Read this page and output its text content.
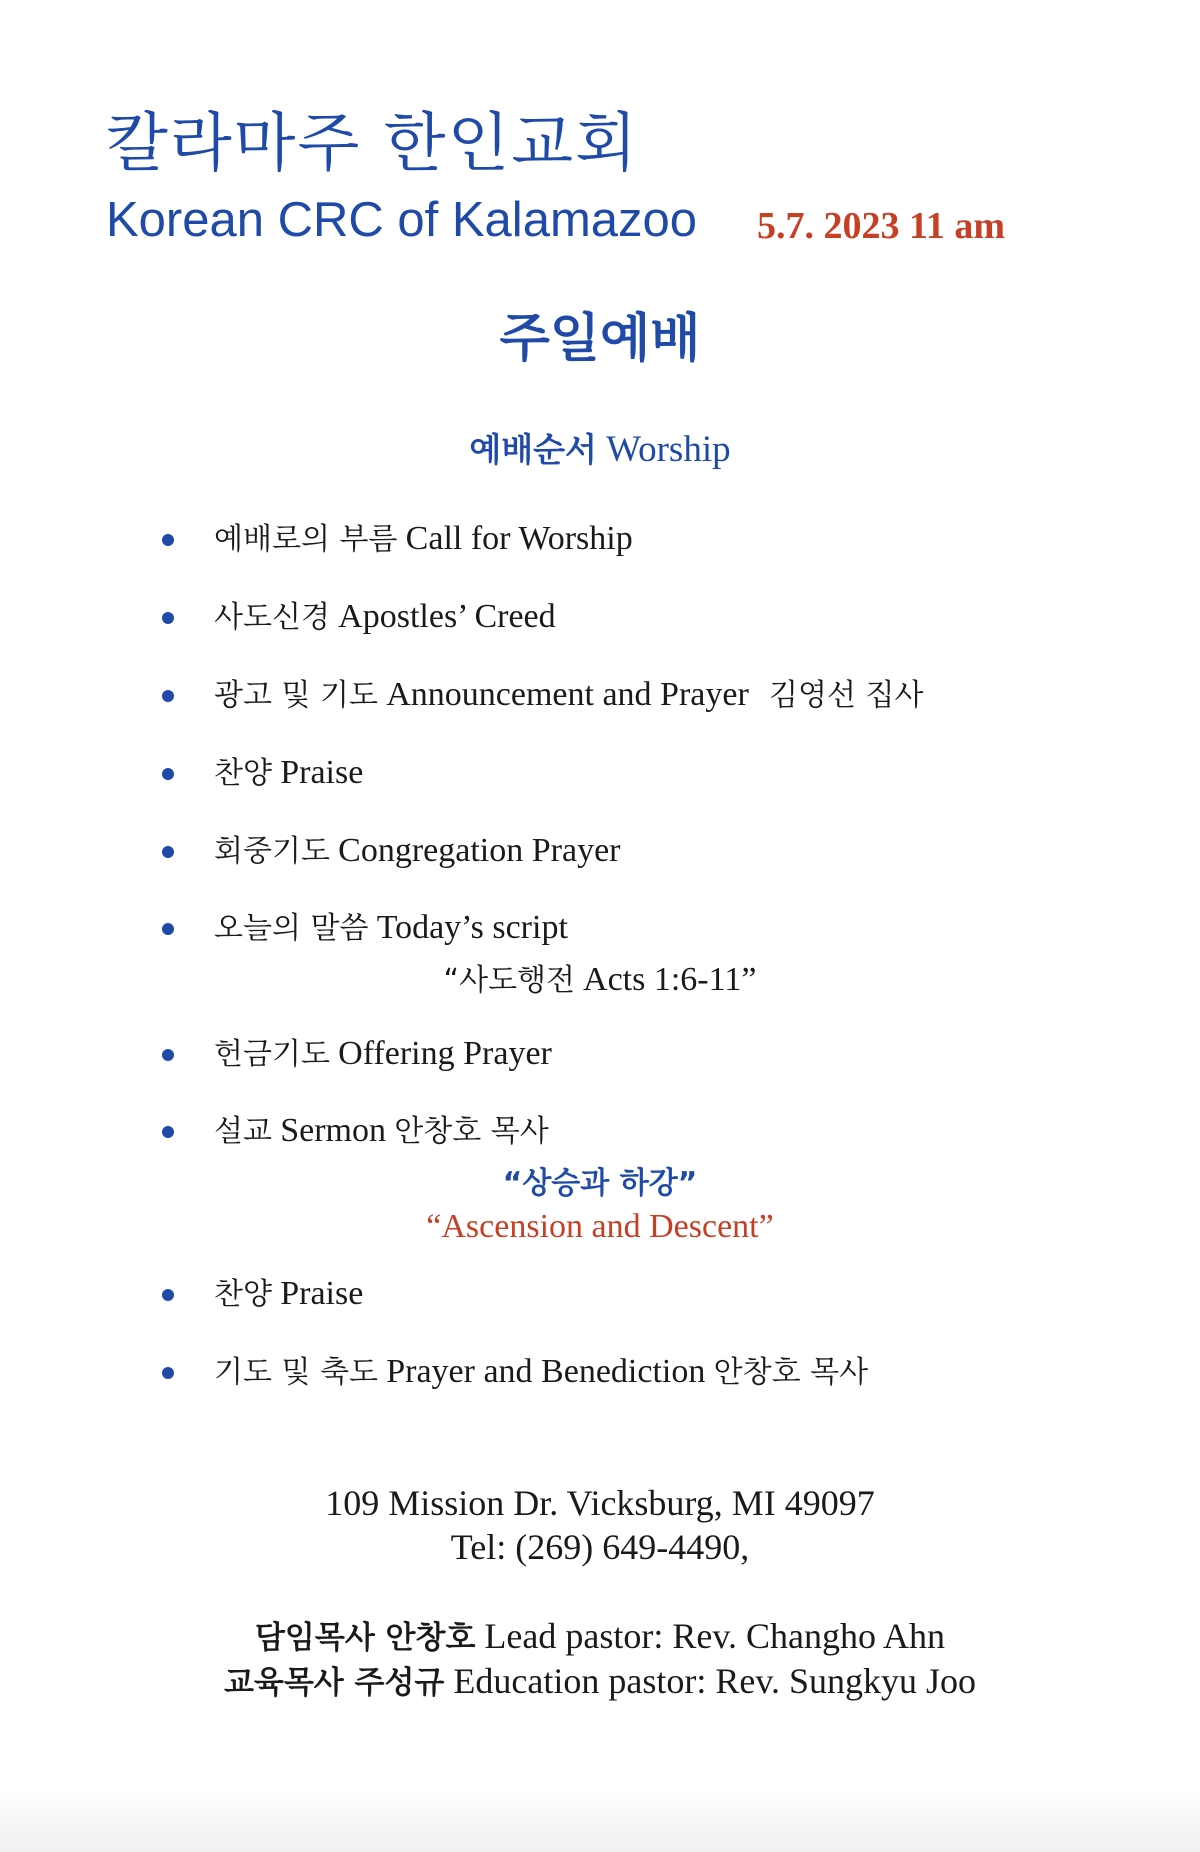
칼라마주 한인교회
Korean CRC of Kalamazoo 5.7. 2023 11 am
주일예배
예배순서 Worship
예배로의 부름 Call for Worship
사도신경 Apostles’ Creed
광고 및 기도 Announcement and Prayer 김영선 집사
찬양 Praise
회중기도 Congregation Prayer
오늘의 말씀 Today’s script
“사도행전 Acts 1:6-11”
헌금기도 Offering Prayer
설교 Sermon 안창호 목사
“상승과 하강”
“Ascension and Descent”
찬양 Praise
기도 및 축도 Prayer and Benediction 안창호 목사
109 Mission Dr. Vicksburg, MI 49097
Tel: (269) 649-4490,
담임목사 안창호 Lead pastor: Rev. Changho Ahn
교육목사 주성규 Education pastor: Rev. Sungkyu Joo
